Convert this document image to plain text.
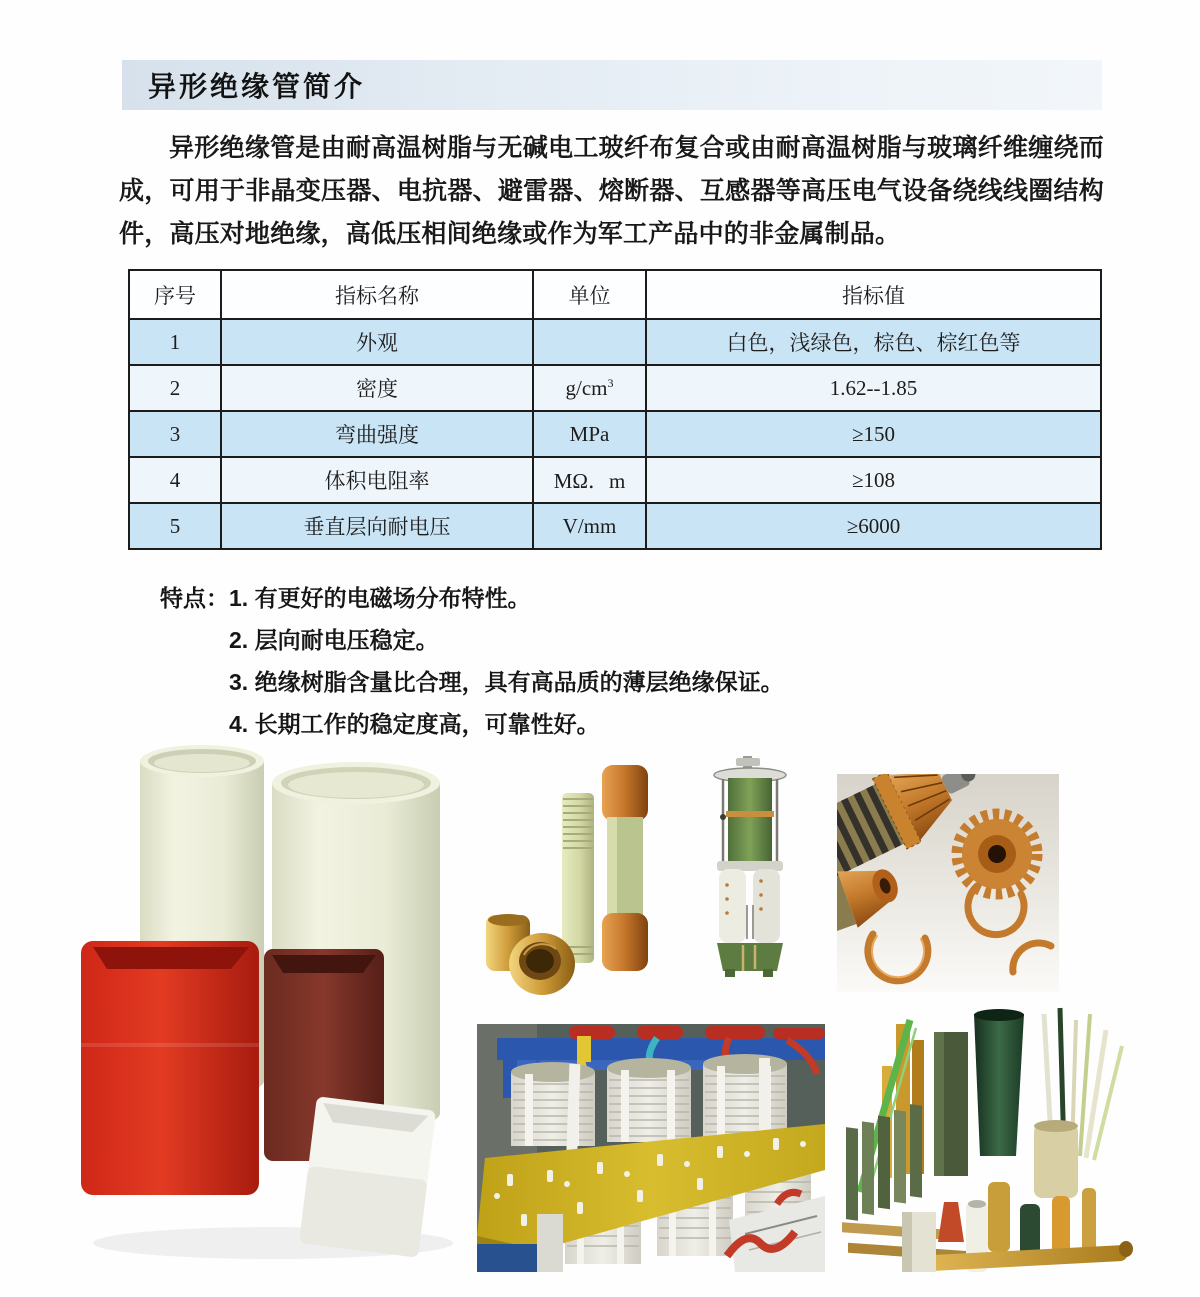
异形绝缘管简介

异形绝缘管是由耐高温树脂与无碱电工玻纤布复合或由耐高温树脂与玻璃纤维缠绕而成，可用于非晶变压器、电抗器、避雷器、熔断器、互感器等高压电气设备绕线线圈结构件，高压对地绝缘，高低压相间绝缘或作为军工产品中的非金属制品。

序号	指标名称	单位	指标值
1	外观		白色，浅绿色，棕色、棕红色等
2	密度	$g/cm^3$	1.62--1.85
3	弯曲强度	MPa	≥150
4	体积电阻率	MΩ．m	≥108
5	垂直层向耐电压	V/mm	≥6000
特点： 1. 有更好的电磁场分布特性。
2. 层向耐电压稳定。
3. 绝缘树脂含量比合理，具有高品质的薄层绝缘保证。
4. 长期工作的稳定度高，可靠性好。
